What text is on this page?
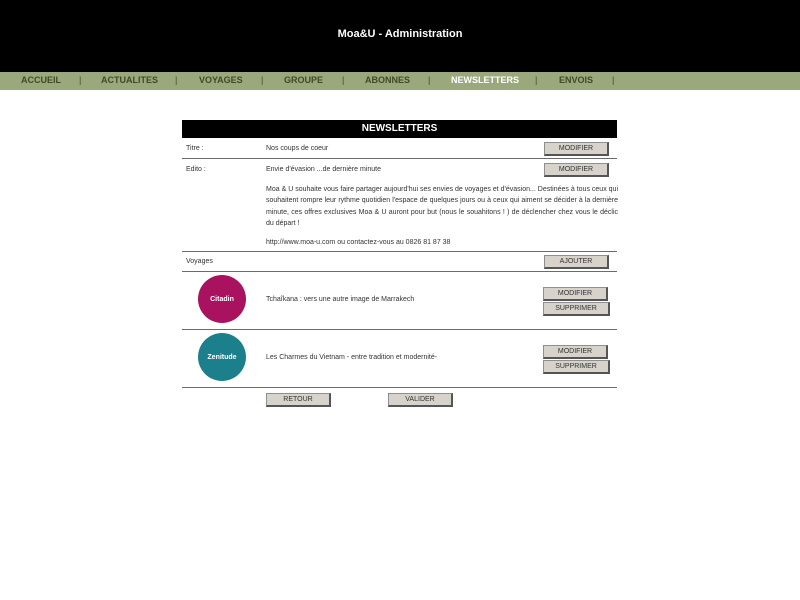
Moa&U - Administration
ACCUEIL | ACTUALITES | VOYAGES | GROUPE | ABONNES | NEWSLETTERS | ENVOIS |
NEWSLETTERS
Titre :	Nos coups de coeur	MODIFIER
Edito :	Envie d'évasion ...de dernière minute	MODIFIER
Moa & U souhaite vous faire partager aujourd'hui ses envies de voyages et d'évasion... Destinées à tous ceux qui souhaitent rompre leur rythme quotidien l'espace de quelques jours ou à ceux qui aiment se décider à la dernière minute, ces offres exclusives Moa & U auront pour but (nous le souahitons ! ) de déclencher chez vous le déclic du départ !
http://www.moa-u.com ou contactez-vous au 0826 81 87 38
Voyages	AJOUTER
Citadin	Tchaîkana : vers une autre image de Marrakech
MODIFIER
SUPPRIMER
Zenitude	Les Charmes du Vietnam - entre tradition et modernité-
MODIFIER
SUPPRIMER
RETOUR	VALIDER
